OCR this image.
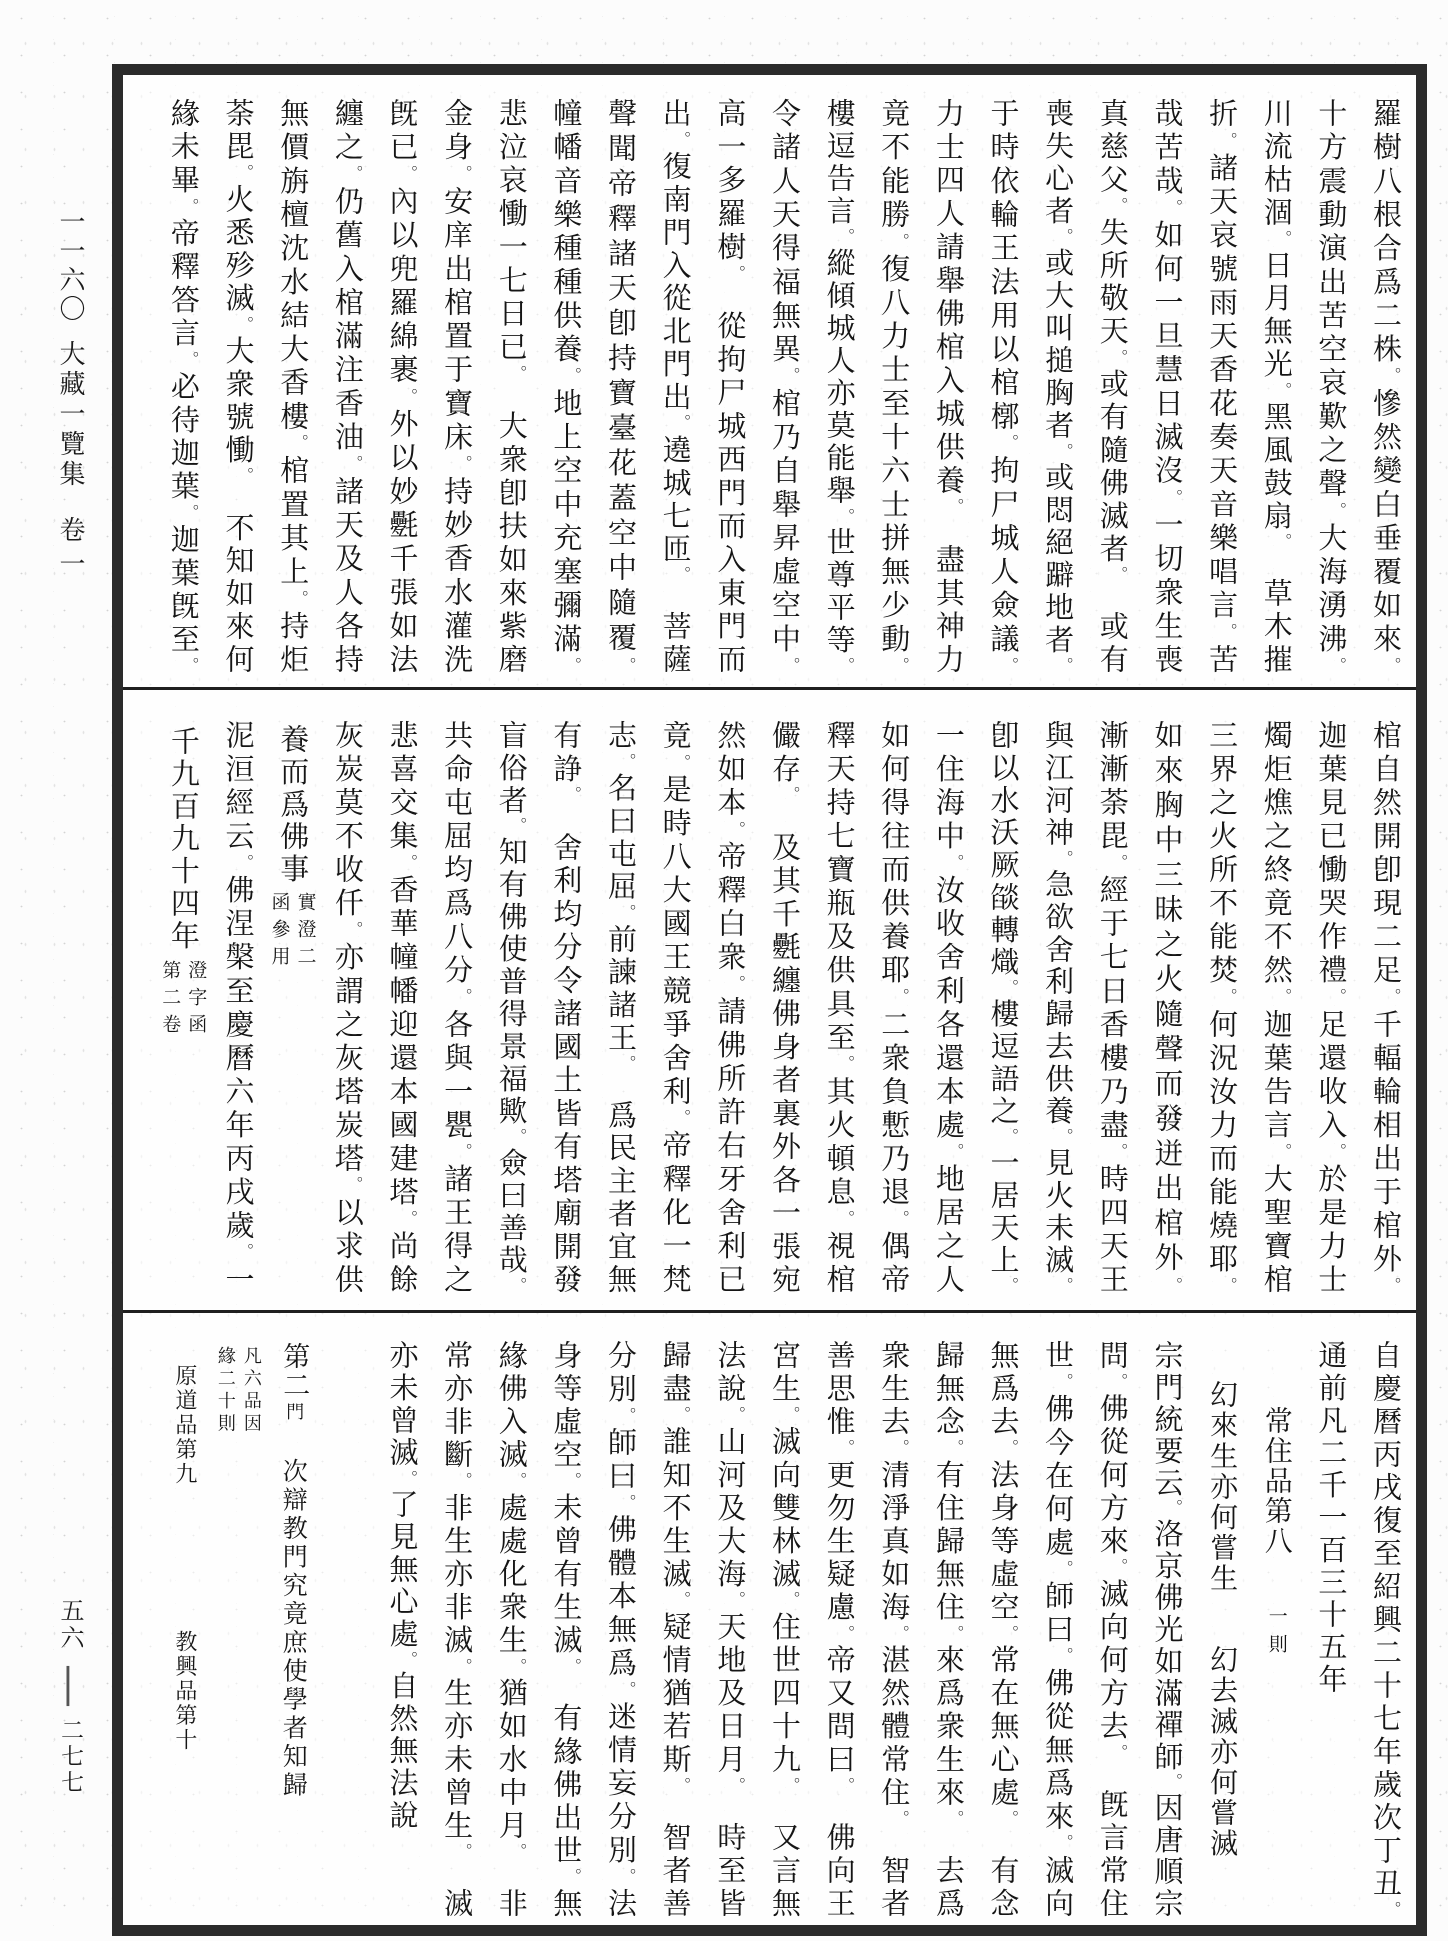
一一六〇
大藏一覽集
卷一
五六
—
二七七
羅樹八根合爲二株。慘然變白垂覆如來。
十方震動演出苦空哀歎之聲。大海湧沸。
川流枯涸。日月無光。黑風鼓扇。　草木摧
折。諸天哀號雨天香花奏天音樂唱言。苦
哉苦哉。如何一旦慧日滅沒。一切衆生喪
真慈父。失所敬天。或有隨佛滅者。　或有
喪失心者。或大叫搥胸者。或悶絕躃地者。
于時依輪王法用以棺槨。拘尸城人僉議。
力士四人請舉佛棺入城供養。　盡其神力
竟不能勝。復八力士至十六士拼無少動。
樓逗告言。縱傾城人亦莫能舉。世尊平等。
令諸人天得福無異。棺乃自舉昇虛空中。
高一多羅樹。　從拘尸城西門而入東門而
出。復南門入從北門出。遶城七匝。　菩薩
聲聞帝釋諸天卽持寶臺花蓋空中隨覆。
幢幡音樂種種供養。地上空中充塞彌滿。
悲泣哀慟一七日已。　大衆卽扶如來紫磨
金身。安庠出棺置于寶床。持妙香水灌洗
旣已。內以兜羅綿裹。外以妙氎千張如法
纏之。仍舊入棺滿注香油。諸天及人各持
無價旃檀沈水結大香樓。棺置其上。持炬
荼毘。火悉殄滅。大衆號慟。　不知如來何
緣未畢。帝釋答言。必待迦葉。迦葉旣至。
棺自然開卽現二足。千輻輪相出于棺外。
迦葉見已慟哭作禮。足還收入。於是力士
燭炬燋之終竟不然。迦葉告言。大聖寶棺
三界之火所不能焚。何況汝力而能燒耶。
如來胸中三昧之火隨聲而發迸出棺外。
漸漸荼毘。經于七日香樓乃盡。時四天王
與江河神。急欲舍利歸去供養。見火未滅。
卽以水沃厥燄轉熾。樓逗語之。一居天上。
一住海中。汝收舍利各還本處。地居之人
如何得往而供養耶。二衆負慙乃退。偶帝
釋天持七寶瓶及供具至。其火頓息。視棺
儼存。　及其千氎纏佛身者裏外各一張宛
然如本。帝釋白衆。請佛所許右牙舍利已
竟。是時八大國王競爭舍利。帝釋化一梵
志。名曰屯屈。前諫諸王。　爲民主者宜無
有諍。　舍利均分令諸國土皆有塔廟開發
盲俗者。知有佛使普得景福歟。僉曰善哉。
共命屯屈均爲八分。各與一甖。諸王得之
悲喜交集。香華幢幡迎還本國建塔。尚餘
灰炭莫不收仟。亦謂之灰塔炭塔。以求供
養而爲佛事
實澄二
函參用
泥洹經云。佛涅槃至慶曆六年丙戌歲。一
千九百九十四年
澄字函
第二卷
自慶曆丙戌復至紹興二十七年歲次丁丑。
通前凡二千一百三十五年
常住品第八
一則
幻來生亦何嘗生
幻去滅亦何嘗滅
宗門統要云。洛京佛光如滿禪師。因唐順宗
問。佛從何方來。滅向何方去。　旣言常住
世。佛今在何處。師曰。佛從無爲來。滅向
無爲去。法身等虛空。常在無心處。　有念
歸無念。有住歸無住。來爲衆生來。　去爲
衆生去。清淨真如海。湛然體常住。　智者
善思惟。更勿生疑慮。帝又問曰。　佛向王
宮生。滅向雙林滅。住世四十九。　又言無
法說。山河及大海。天地及日月。　時至皆
歸盡。誰知不生滅。疑情猶若斯。　智者善
分別。師曰。佛體本無爲。迷情妄分別。法
身等虛空。未曾有生滅。　有緣佛出世。無
緣佛入滅。處處化衆生。猶如水中月。　非
常亦非斷。非生亦非滅。生亦未曾生。　滅
亦未曾滅。了見無心處。自然無法說
第二
門
次辯教門究竟庶使學者知歸
凡六品因
緣二十則
原道品第九
教興品第十
